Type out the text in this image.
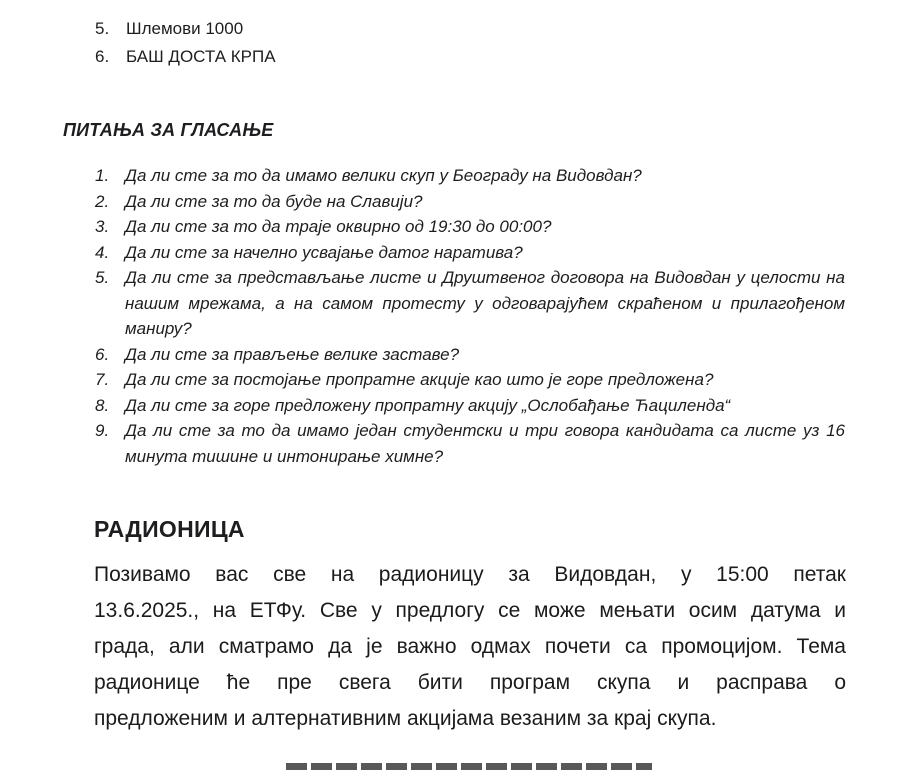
5. Шлемови 1000
6. БАШ ДОСТА КРПА
ПИТАЊА ЗА ГЛАСАЊЕ
1. Да ли сте за то да имамо велики скуп у Београду на Видовдан?
2. Да ли сте за то да буде на Славији?
3. Да ли сте за то да траје оквирно од 19:30 до 00:00?
4. Да ли сте за начелно усвајање датог наратива?
5. Да ли сте за представљање листе и Друштвеног договора на Видовдан у целости на нашим мрежама, а на самом протесту у одговарајућем скраћеном и прилагођеном маниру?
6. Да ли сте за прављење велике заставе?
7. Да ли сте за постојање пропратне акције као што је горе предложена?
8. Да ли сте за горе предложену пропратну акцију „Ослобађање Ћациленда“
9. Да ли сте за то да имамо један студентски и три говора кандидата са листе уз 16 минута тишине и интонирање химне?
РАДИОНИЦА
Позивамо вас све на радионицу за Видовдан, у 15:00 петак
13.6.2025., на ЕТФу. Све у предлогу се може мењати осим датума и
града, али сматрамо да је важно одмах почети са промоцијом. Тема
радионице ће пре свега бити програм скупа и расправа о
предложеним и алтернативним акцијама везаним за крај скупа.
